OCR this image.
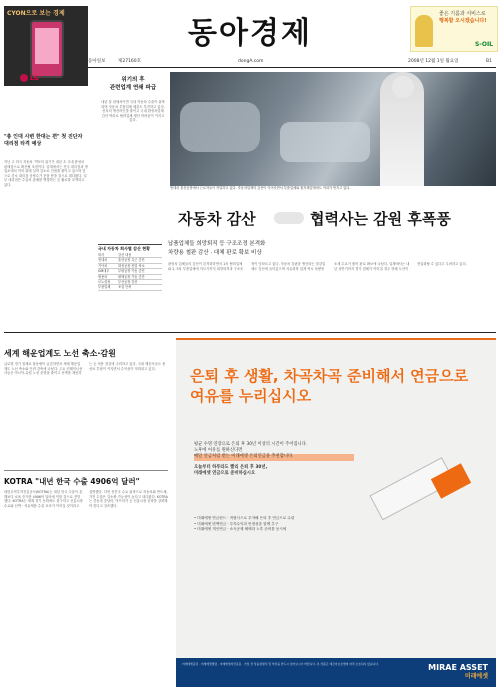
CYON으로 보는 경제
LG
동아경제
좋은 기름과 서비스로
행복할 오시겠습니다!
S-OIL
동아일보	제27160호	dongA.com	2008년 12월 1일 월요일	B1
위기의 후
관련업계 연쇄 파급
내년 불 판매처이면 국내 자동차 수출이 위축되며 자동차 부품업체 매출도 부진하고 있다. 신차의 생산라인을 줄이고 국내 완성차업체 감산 여파로 협력업체 생산 어려움이 커지고 있다.
현대차 울산공장에서 근로자들이 작업하고 있다. 자동차업계의 감산이 이어지면서 부품업체와 원자재업계에도 여파가 번지고 있다.
"총 인대 사변 한대는 편" 첫 진단자 대리점 타격 예상
지난 주 미국 자동차 '빅3'의 위기가 내년 초 국내 완성차 판매점으로 확산될 조짐이다. 업계에서는 전국 대리점과 영업소에서 이미 판매 실적 감소로 인원을 줄이고 있으며 앞으로 중소 대리점 상당수가 문을 닫을 것으로 내다봤다. 일부 대리점은 수입차 판매를 병행하는 등 활로를 모색하고 있다.
자동차 감산	협력사는 감원 후폭풍
국내 자동차 회사별 감산 현황
회사	감산 내용
현대차	울산공장 특근 중단
기아차	화성공장 잔업 축소
GM대우	부평공장 가동 중단
쌍용차	평택공장 가동 중단
르노삼성	부산공장 감산
부품업체	조업 단축
납품업체들 희망퇴직 등 구조조정 본격화
차량용 철판 감산 · 대체 판로 확보 비상
완성차 업체들의 감산이 본격화하면서 1차 협력업체와 2, 3차 부품업체에 이르기까지 희망퇴직과 구조조정이 잇따르고 있다. 자동차 강판을 생산하는 철강업체도 감산에 들어갔으며 석유화학 업계 역시 차량용 소재 수요가 줄어 판로 확보에 나섰다. 업계에서는 내년 상반기까지 경기 침체가 이어질 경우 연쇄 도산이 현실화될 수 있다고 우려하고 있다.
세계 해운업계도 노선 축소·감원
글로벌 경기 침체로 물동량이 급감하면서 세계 해운업계도 노선 축소와 인력 감축에 나섰다. 주요 컨테이너선사들은 아시아-유럽 노선 운항을 줄이고 선박을 계선하는 등 비용 절감에 주력하고 있다. 국내 해운사들도 용선료 부담이 커지면서 수익성이 악화되고 있다.
KOTRA "내년 한국 수출 4906억 달러"
대한무역투자진흥공사(KOTRA)는 내년 한국 수출이 올해보다 소폭 증가한 4906억 달러에 이를 것으로 전망했다. KOTRA는 세계 경기 둔화에도 불구하고 신흥시장 수요와 선박 · 석유제품 수출 호조가 이어질 것이라고 설명했다. 다만 선진국 수요 위축으로 자동차와 반도체, 가전 수출은 감소할 가능성이 높다고 내다봤다. KOTRA는 중동과 중남미, 아프리카 등 신흥시장 공략을 강화해야 한다고 강조했다.
은퇴 후 생활, 차곡차곡 준비해서 연금으로 여유를 누리십시오
평균 수명 연장으로 은퇴 후 30년 이상의 시간이 주어집니다.
노후에 여유를 원하신다면
매달 연금처럼 받는 미래에셋 은퇴연금을 추천합니다.
오늘부터 하루라도 빨리 은퇴 후 30년,
미래에셋 연금으로 준비하십시오
• 미래에셋 연금펀드 · 적립식으로 투자해 은퇴 후 연금으로 수령
• 미래에셋 변액연금 · 투자수익과 안정성을 함께 추구
• 미래에셋 개인연금 · 소득공제 혜택과 노후 준비를 동시에
미래에셋증권 · 미래에셋생명 · 미래에셋자산운용 · 가입 전 상품설명서 및 약관을 반드시 읽어보시기 바랍니다. 본 상품은 예금자보호법에 따라 보호되지 않습니다.	MIRAE ASSET
미래에셋
